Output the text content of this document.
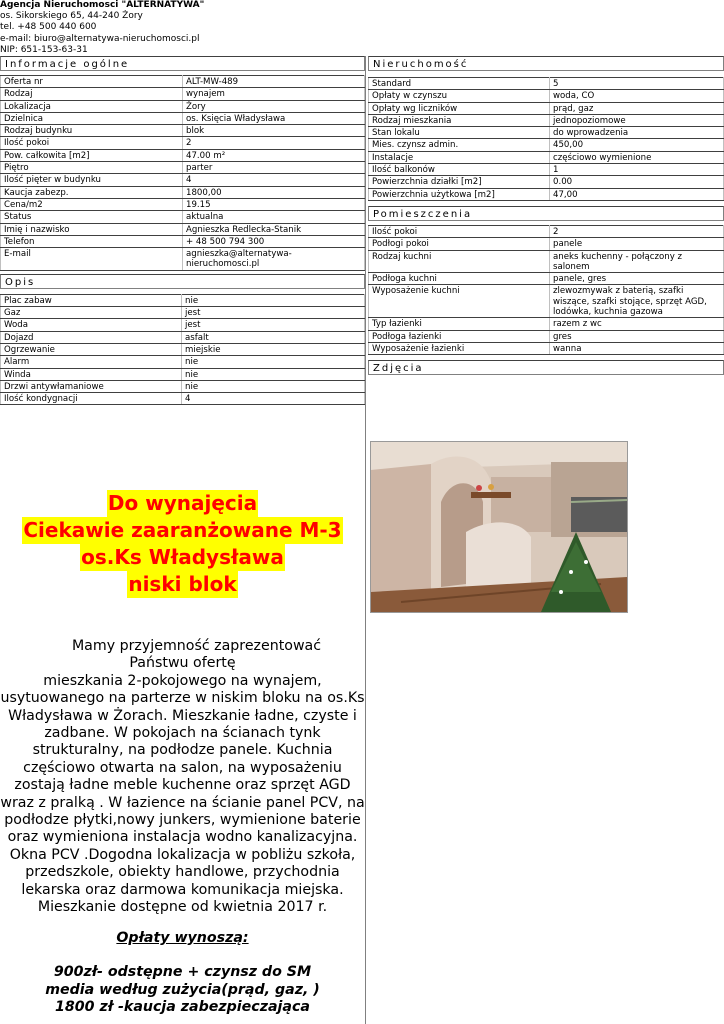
Agencja Nieruchomosci "ALTERNATYWA"
os. Sikorskiego 65, 44-240 Żory
tel. +48 500 440 600
e-mail: biuro@alternatywa-nieruchomosci.pl
NIP: 651-153-63-31
Informacje ogólne
Oferta nr	ALT-MW-489
Rodzaj	wynajem
Lokalizacja	Żory
Dzielnica	os. Księcia Władysława
Rodzaj budynku	blok
Ilość pokoi	2
Pow. całkowita [m2]	47.00 m²
Piętro	parter
Ilość pięter w budynku	4
Kaucja zabezp.	1800,00
Cena/m2	19.15
Status	aktualna
Imię i nazwisko	Agnieszka Redlecka-Stanik
Telefon	+ 48 500 794 300
E-mail	agnieszka@alternatywa-nieruchomosci.pl
Opis
Plac zabaw	nie
Gaz	jest
Woda	jest
Dojazd	asfalt
Ogrzewanie	miejskie
Alarm	nie
Winda	nie
Drzwi antywłamaniowe	nie
Ilość kondygnacji	4
Do wynajęcia
Ciekawie zaaranżowane M-3
os.Ks Władysława
niski blok
Mamy przyjemność zaprezentować
Państwu ofertę
mieszkania 2-pokojowego na wynajem, usytuowanego na parterze w niskim bloku na os.Ks Władysława w Żorach. Mieszkanie ładne, czyste i zadbane. W pokojach na ścianach tynk strukturalny, na podłodze panele. Kuchnia częściowo otwarta na salon, na wyposażeniu zostają ładne meble kuchenne oraz sprzęt AGD wraz z pralką . W łazience na ścianie panel PCV, na podłodze płytki,nowy junkers, wymienione baterie oraz wymieniona instalacja wodno kanalizacyjna. Okna PCV .Dogodna lokalizacja w pobliżu szkoła, przedszkole, obiekty handlowe, przychodnia lekarska oraz darmowa komunikacja miejska. Mieszkanie dostępne od kwietnia 2017 r.
Opłaty wynoszą:
900zł- odstępne + czynsz do SM
media według zużycia(prąd, gaz, )
1800 zł -kaucja zabezpieczająca
Nieruchomość
Standard	5
Opłaty w czynszu	woda, CO
Opłaty wg liczników	prąd, gaz
Rodzaj mieszkania	jednopoziomowe
Stan lokalu	do wprowadzenia
Mies. czynsz admin.	450,00
Instalacje	częściowo wymienione
Ilość balkonów	1
Powierzchnia działki [m2]	0.00
Powierzchnia użytkowa [m2]	47,00
Pomieszczenia
Ilość pokoi	2
Podłogi pokoi	panele
Rodzaj kuchni	aneks kuchenny - połączony z salonem
Podłoga kuchni	panele, gres
Wyposażenie kuchni	zlewozmywak z baterią, szafki wiszące, szafki stojące, sprzęt AGD, lodówka, kuchnia gazowa
Typ łazienki	razem z wc
Podłoga łazienki	gres
Wyposażenie łazienki	wanna
Zdjęcia
